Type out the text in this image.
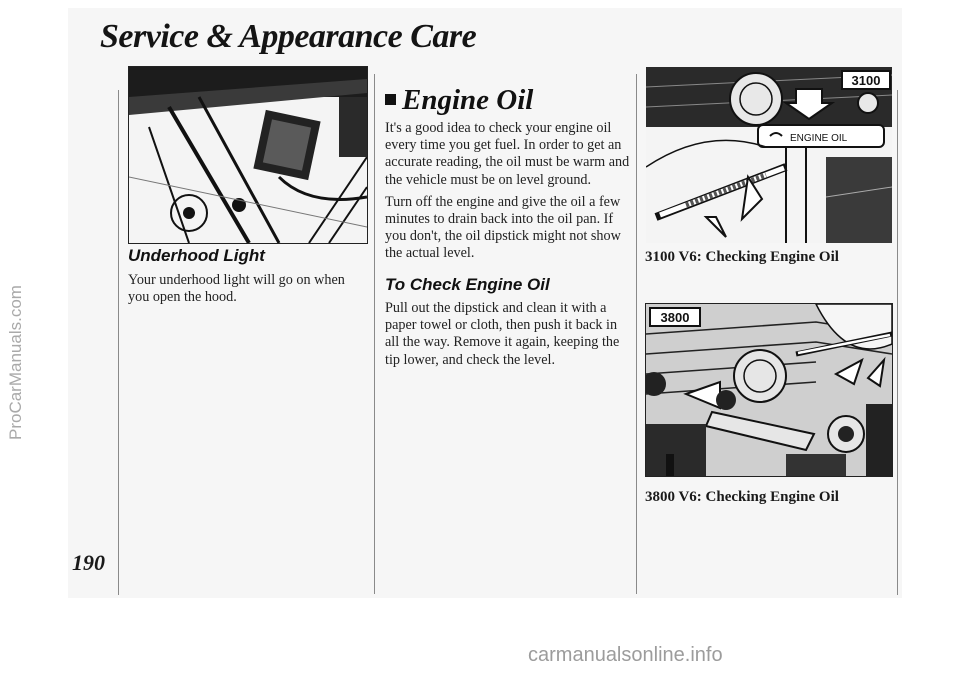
Service & Appearance Care
ProCarManuals.com
190
Underhood Light

Your underhood light will go on when you open the hood.

Engine Oil

It's a good idea to check your engine oil every time you get fuel. In order to get an accurate reading, the oil must be warm and the vehicle must be on level ground.

Turn off the engine and give the oil a few minutes to drain back into the oil pan. If you don't, the oil dipstick might not show the actual level.

To Check Engine Oil

Pull out the dipstick and clean it with a paper towel or cloth, then push it back in all the way. Remove it again, keeping the tip lower, and check the level.

3100
ENGINE OIL
3100 V6: Checking Engine Oil
3800
3800 V6: Checking Engine Oil
carmanualsonline.info
